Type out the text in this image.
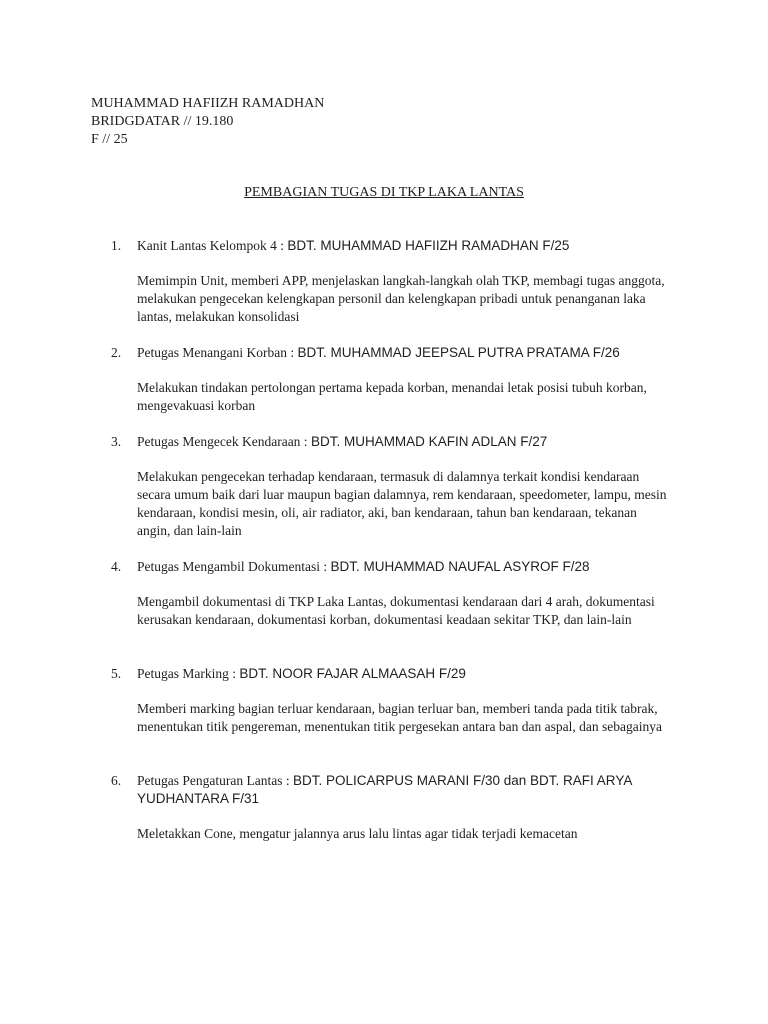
MUHAMMAD HAFIIZH RAMADHAN
BRIDGDATAR // 19.180
F // 25
PEMBAGIAN TUGAS DI TKP LAKA LANTAS
1. Kanit Lantas Kelompok 4 : BDT. MUHAMMAD HAFIIZH RAMADHAN F/25
Memimpin Unit, memberi APP, menjelaskan langkah-langkah olah TKP, membagi tugas anggota, melakukan pengecekan kelengkapan personil dan kelengkapan pribadi untuk penanganan laka lantas, melakukan konsolidasi
2. Petugas Menangani Korban : BDT. MUHAMMAD JEEPSAL PUTRA PRATAMA F/26
Melakukan tindakan pertolongan pertama kepada korban, menandai letak posisi tubuh korban, mengevakuasi korban
3. Petugas Mengecek Kendaraan : BDT. MUHAMMAD KAFIN ADLAN F/27
Melakukan pengecekan terhadap kendaraan, termasuk di dalamnya terkait kondisi kendaraan secara umum baik dari luar maupun bagian dalamnya, rem kendaraan, speedometer, lampu, mesin kendaraan, kondisi mesin, oli, air radiator, aki, ban kendaraan, tahun ban kendaraan, tekanan angin, dan lain-lain
4. Petugas Mengambil Dokumentasi : BDT. MUHAMMAD NAUFAL ASYROF F/28
Mengambil dokumentasi di TKP Laka Lantas, dokumentasi kendaraan dari 4 arah, dokumentasi kerusakan kendaraan, dokumentasi korban, dokumentasi keadaan sekitar TKP, dan lain-lain
5. Petugas Marking : BDT. NOOR FAJAR ALMAASAH F/29
Memberi marking bagian terluar kendaraan, bagian terluar ban, memberi tanda pada titik tabrak, menentukan titik pengereman, menentukan titik pergesekan antara ban dan aspal, dan sebagainya
6. Petugas Pengaturan Lantas : BDT. POLICARPUS MARANI F/30 dan BDT. RAFI ARYA YUDHANTARA F/31
Meletakkan Cone, mengatur jalannya arus lalu lintas agar tidak terjadi kemacetan
